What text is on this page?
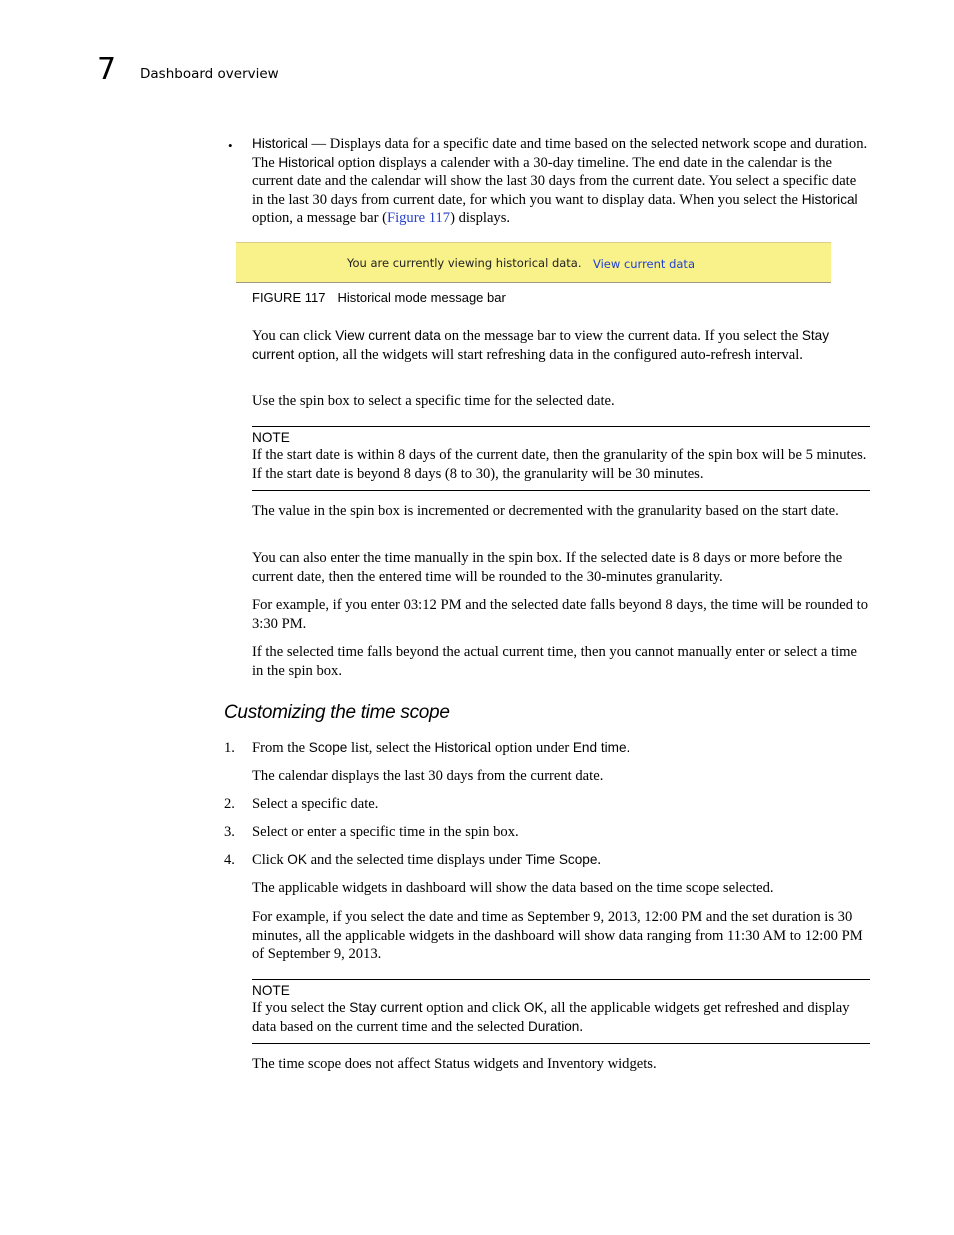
7 Dashboard overview
• Historical — Displays data for a specific date and time based on the selected network scope and duration. The Historical option displays a calender with a 30-day timeline. The end date in the calendar is the current date and the calendar will show the last 30 days from the current date. You select a specific date in the last 30 days from current date, for which you want to display data. When you select the Historical option, a message bar (Figure 117) displays.

You are currently viewing historical data. View current data
FIGURE 117 Historical mode message bar

You can click View current data on the message bar to view the current data. If you select the Stay current option, all the widgets will start refreshing data in the configured auto-refresh interval.

Use the spin box to select a specific time for the selected date.

NOTE

If the start date is within 8 days of the current date, then the granularity of the spin box will be 5 minutes. If the start date is beyond 8 days (8 to 30), the granularity will be 30 minutes.

The value in the spin box is incremented or decremented with the granularity based on the start date.

You can also enter the time manually in the spin box. If the selected date is 8 days or more before the current date, then the entered time will be rounded to the 30-minutes granularity.

For example, if you enter 03:12 PM and the selected date falls beyond 8 days, the time will be rounded to 3:30 PM.

If the selected time falls beyond the actual current time, then you cannot manually enter or select a time in the spin box.

Customizing the time scope
1. From the Scope list, select the Historical option under End time.

The calendar displays the last 30 days from the current date.

2. Select a specific date.

3. Select or enter a specific time in the spin box.

4. Click OK and the selected time displays under Time Scope.

The applicable widgets in dashboard will show the data based on the time scope selected.

For example, if you select the date and time as September 9, 2013, 12:00 PM and the set duration is 30 minutes, all the applicable widgets in the dashboard will show data ranging from 11:30 AM to 12:00 PM of September 9, 2013.

NOTE

If you select the Stay current option and click OK, all the applicable widgets get refreshed and display data based on the current time and the selected Duration.

The time scope does not affect Status widgets and Inventory widgets.
